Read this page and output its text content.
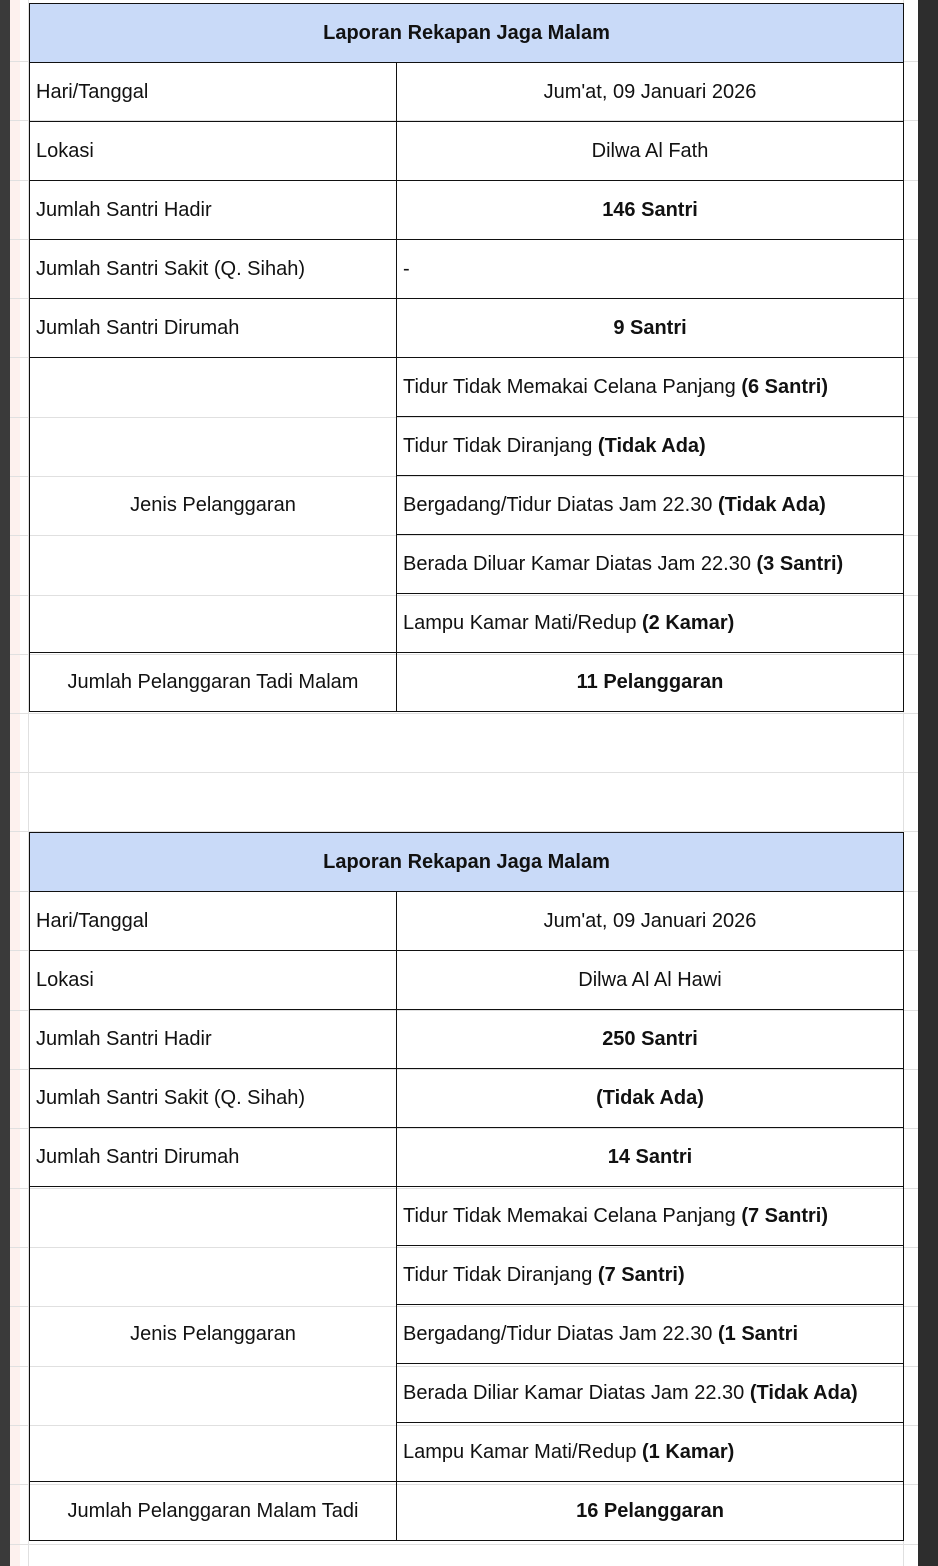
Laporan Rekapan Jaga Malam	
Hari/Tanggal	Jum'at, 09 Januari 2026
Lokasi	Dilwa Al Fath
Jumlah Santri Hadir	146 Santri
Jumlah Santri Sakit (Q. Sihah)	-
Jumlah Santri Dirumah	9 Santri
Jenis Pelanggaran	Tidur Tidak Memakai Celana Panjang (6 Santri)
	Tidur Tidak Diranjang (Tidak Ada)
	Bergadang/Tidur Diatas Jam 22.30 (Tidak Ada)
	Berada Diluar Kamar Diatas Jam 22.30 (3 Santri)
	Lampu Kamar Mati/Redup (2 Kamar)
Jumlah Pelanggaran Tadi Malam	11 Pelanggaran
Laporan Rekapan Jaga Malam	
Hari/Tanggal	Jum'at, 09 Januari 2026
Lokasi	Dilwa Al Al Hawi
Jumlah Santri Hadir	250 Santri
Jumlah Santri Sakit (Q. Sihah)	(Tidak Ada)
Jumlah Santri Dirumah	14 Santri
Jenis Pelanggaran	Tidur Tidak Memakai Celana Panjang (7 Santri)
	Tidur Tidak Diranjang (7 Santri)
	Bergadang/Tidur Diatas Jam 22.30 (1 Santri
	Berada Diliar Kamar Diatas Jam 22.30 (Tidak Ada)
	Lampu Kamar Mati/Redup (1 Kamar)
Jumlah Pelanggaran Malam Tadi	16 Pelanggaran
